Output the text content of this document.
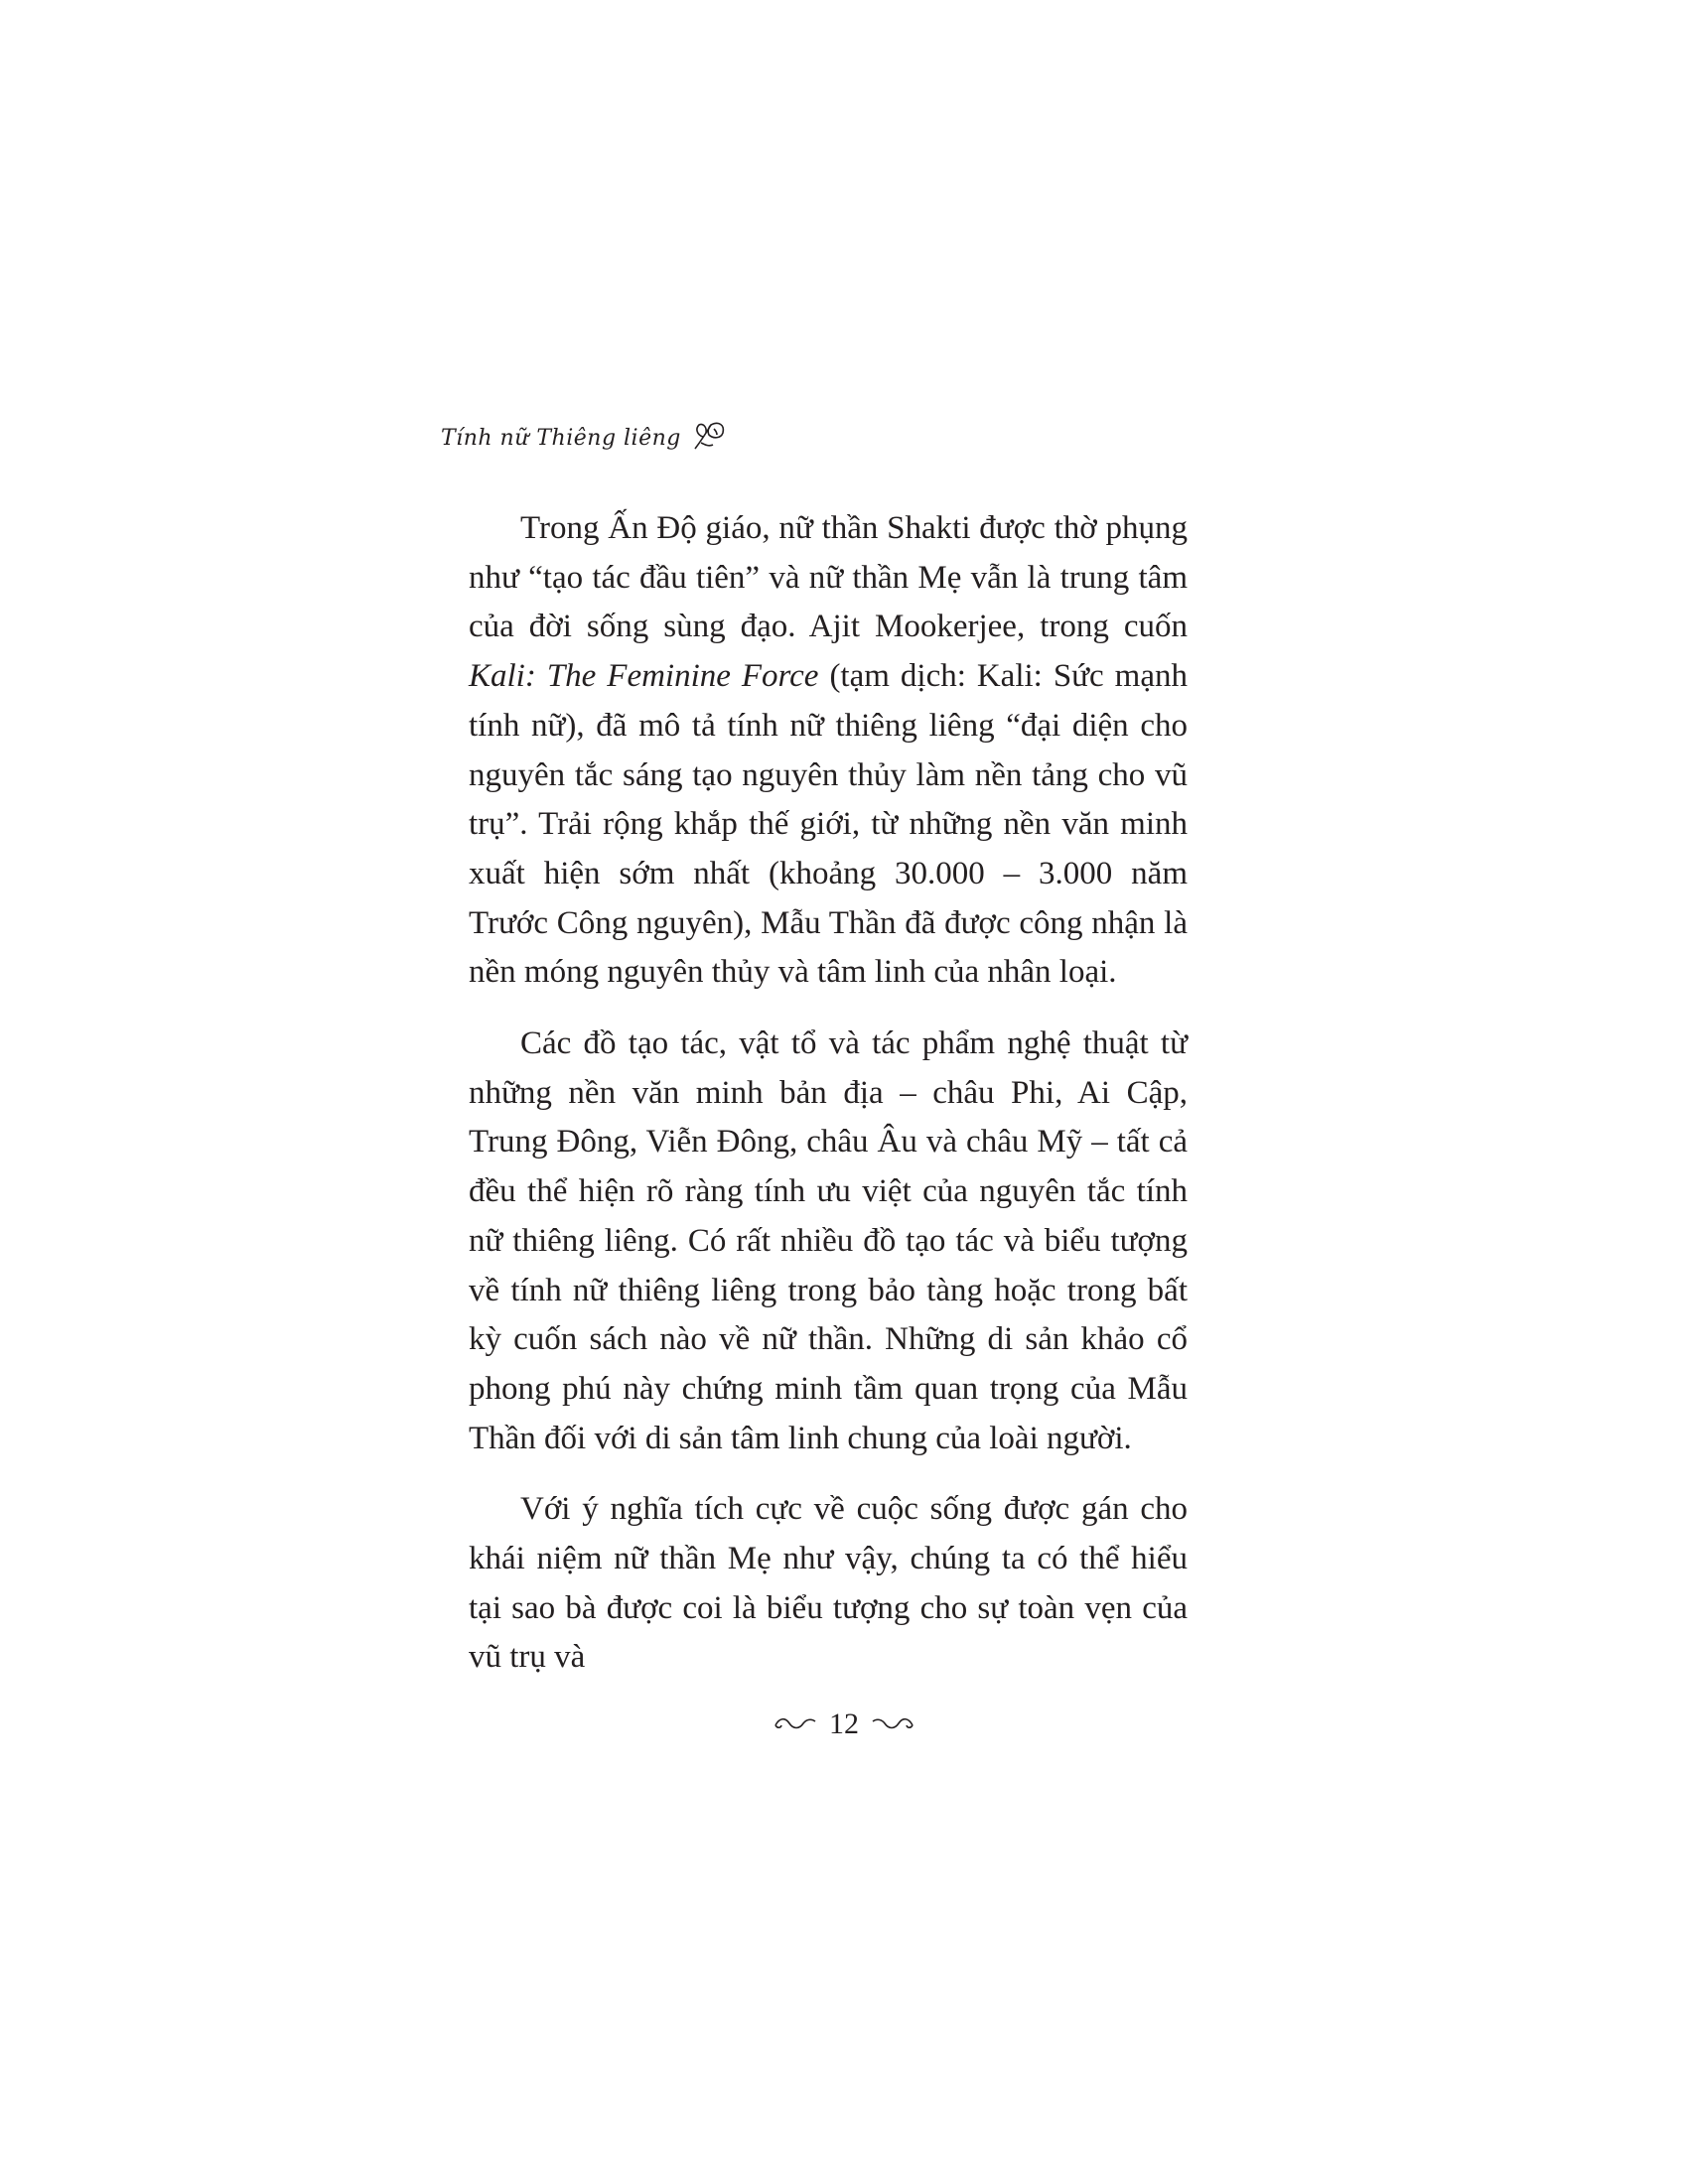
Tính nữ Thiêng liêng

Trong Ấn Độ giáo, nữ thần Shakti được thờ phụng như “tạo tác đầu tiên” và nữ thần Mẹ vẫn là trung tâm của đời sống sùng đạo. Ajit Mookerjee, trong cuốn Kali: The Feminine Force (tạm dịch: Kali: Sức mạnh tính nữ), đã mô tả tính nữ thiêng liêng “đại diện cho nguyên tắc sáng tạo nguyên thủy làm nền tảng cho vũ trụ”. Trải rộng khắp thế giới, từ những nền văn minh xuất hiện sớm nhất (khoảng 30.000 – 3.000 năm Trước Công nguyên), Mẫu Thần đã được công nhận là nền móng nguyên thủy và tâm linh của nhân loại.

Các đồ tạo tác, vật tổ và tác phẩm nghệ thuật từ những nền văn minh bản địa – châu Phi, Ai Cập, Trung Đông, Viễn Đông, châu Âu và châu Mỹ – tất cả đều thể hiện rõ ràng tính ưu việt của nguyên tắc tính nữ thiêng liêng. Có rất nhiều đồ tạo tác và biểu tượng về tính nữ thiêng liêng trong bảo tàng hoặc trong bất kỳ cuốn sách nào về nữ thần. Những di sản khảo cổ phong phú này chứng minh tầm quan trọng của Mẫu Thần đối với di sản tâm linh chung của loài người.

Với ý nghĩa tích cực về cuộc sống được gán cho khái niệm nữ thần Mẹ như vậy, chúng ta có thể hiểu tại sao bà được coi là biểu tượng cho sự toàn vẹn của vũ trụ và

12
